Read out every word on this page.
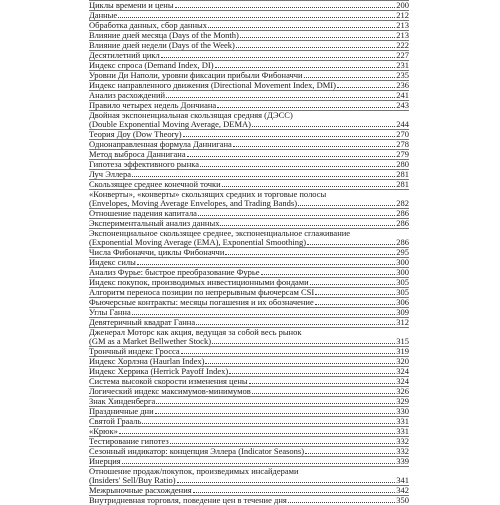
Циклы времени и цены	200
Данные	212
Обработка данных, сбор данных	213
Влияние дней месяца (Days of the Month)	213
Влияние дней недели (Days of the Week)	222
Десятилетний цикл	227
Индекс спроса (Demand Index, DI)	231
Уровни Ди Наполи, уровни фиксации прибыли Фибоначчи	235
Индекс направленного движения (Directional Movement Index, DMI)	236
Анализ расхождений	241
Правило четырех недель Дончиана	243
Двойная экспоненциальная скользящая средняя (ДЭСС)
(Double Exponential Moving Average, DEMA)	244
Теория Доу (Dow Theory)	270
Однонаправленная формула Даннигана	278
Метод выброса Даннигана	279
Гипотеза эффективного рынка	280
Луч Эллера	281
Скользящее среднее конечной точки	281
«Конверты», «конверты» скользящих средних и торговые полосы
(Envelopes, Moving Average Envelopes, and Trading Bands)	282
Отношение падения капитала	286
Экспериментальный анализ данных	286
Экспоненциальное скользящее среднее, экспоненциальное сглаживание
(Exponential Moving Average (EMA), Exponential Smoothing)	286
Числа Фибоначчи, циклы Фибоначчи	295
Индекс силы	300
Анализ Фурье: быстрое преобразование Фурье	300
Индекс покупок, производимых инвестиционными фондами	305
Алгоритм переноса позиции по непрерывным фьючерсам CSI	305
Фьючерсные контракты: месяцы погашения и их обозначение	306
Углы Ганна	309
Девятеричный квадрат Ганна	312
Дженерал Моторс как акция, ведущая за собой весь рынок
(GM as a Market Bellwether Stock)	315
Трончный индекс Гросса	319
Индекс Хорлэна (Haurlan Index)	320
Индекс Херрика (Herrick Payoff Index)	324
Система высокой скорости изменения цены	324
Логический индекс максимумов-минимумов	326
Знак Хинденберга	329
Праздничные дни	330
Святой Грааль	331
«Крюк»	331
Тестирование гипотез	332
Сезонный индикатор: концепция Эллера (Indicator Seasons)	332
Инерция	339
Отношение продаж/покупок, произведимых инсайдерами
(Insiders' Sell/Buy Ratio)	341
Межрыночные расхождения	342
Внутридневная торговля, поведение цен в течение дня	350
